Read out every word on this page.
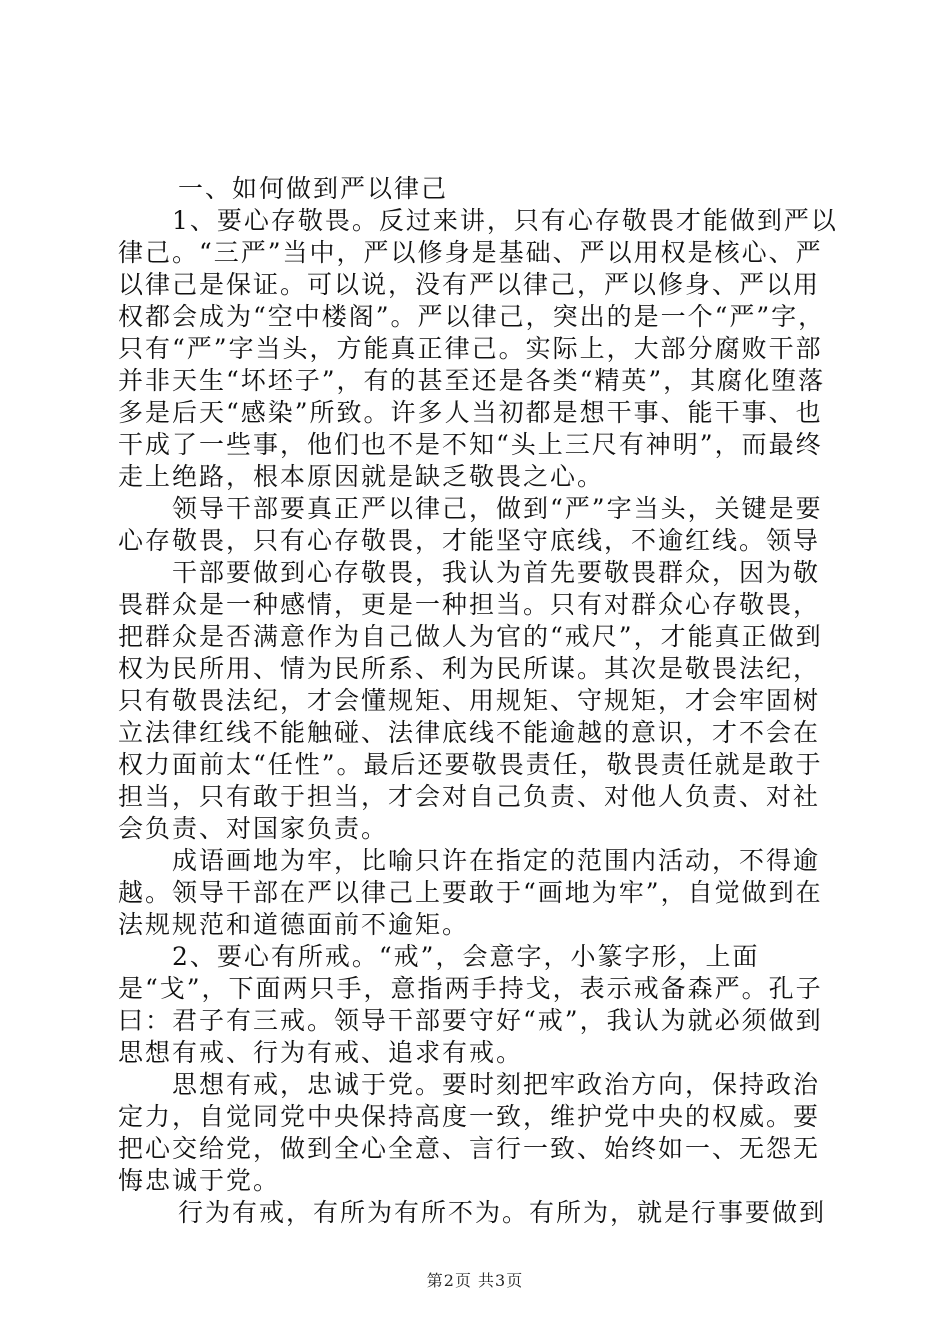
一、如何做到严以律己

1、要心存敬畏。反过来讲，只有心存敬畏才能做到严以律己。“三严”当中，严以修身是基础、严以用权是核心、严以律己是保证。可以说，没有严以律己，严以修身、严以用权都会成为“空中楼阁”。严以律己，突出的是一个“严”字，只有“严”字当头，方能真正律己。实际上，大部分腐败干部并非天生“坏坯子”，有的甚至还是各类“精英”，其腐化堕落多是后天“感染”所致。许多人当初都是想干事、能干事、也干成了一些事，他们也不是不知“头上三尺有神明”，而最终走上绝路，根本原因就是缺乏敬畏之心。

领导干部要真正严以律己，做到“严”字当头，关键是要心存敬畏，只有心存敬畏，才能坚守底线，不逾红线。领导

干部要做到心存敬畏，我认为首先要敬畏群众，因为敬畏群众是一种感情，更是一种担当。只有对群众心存敬畏，把群众是否满意作为自己做人为官的“戒尺”，才能真正做到权为民所用、情为民所系、利为民所谋。其次是敬畏法纪，只有敬畏法纪，才会懂规矩、用规矩、守规矩，才会牢固树立法律红线不能触碰、法律底线不能逾越的意识，才不会在权力面前太“任性”。最后还要敬畏责任，敬畏责任就是敢于担当，只有敢于担当，才会对自己负责、对他人负责、对社会负责、对国家负责。

成语画地为牢，比喻只许在指定的范围内活动，不得逾越。领导干部在严以律己上要敢于“画地为牢”，自觉做到在法规规范和道德面前不逾矩。

2、要心有所戒。“戒”，会意字，小篆字形，上面是“戈”，下面两只手，意指两手持戈，表示戒备森严。孔子曰：君子有三戒。领导干部要守好“戒”，我认为就必须做到思想有戒、行为有戒、追求有戒。

思想有戒，忠诚于党。要时刻把牢政治方向，保持政治定力，自觉同党中央保持高度一致，维护党中央的权威。要把心交给党，做到全心全意、言行一致、始终如一、无怨无悔忠诚于党。

行为有戒，有所为有所不为。有所为，就是行事要做到

第2页 共3页
